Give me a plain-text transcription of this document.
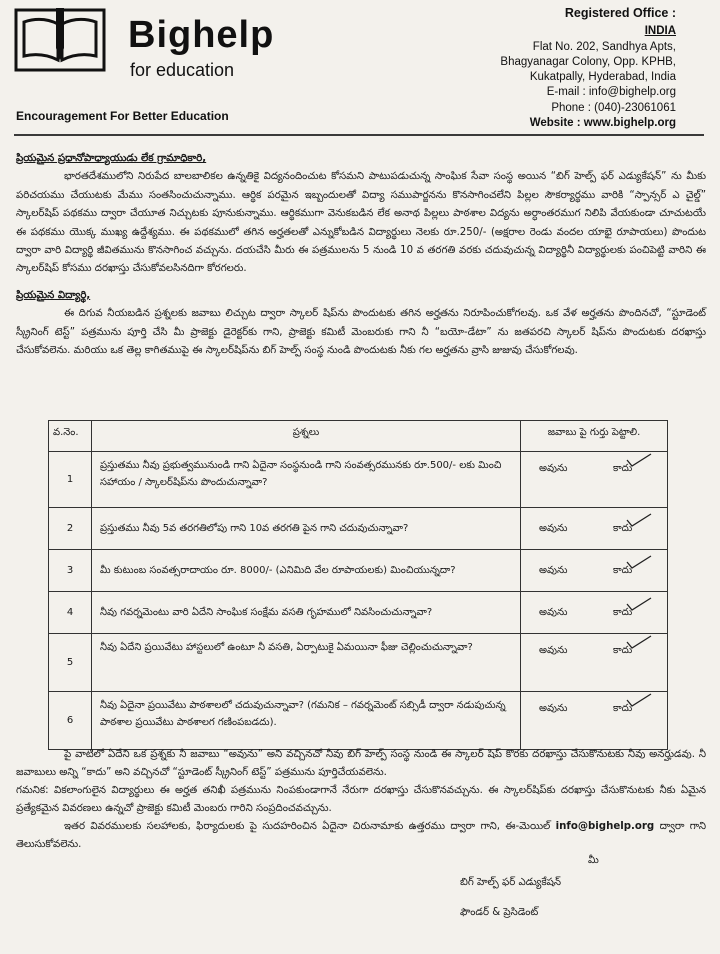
Bighelp
for education
Encouragement For Better Education
Registered Office :
INDIA
Flat No. 202, Sandhya Apts,
Bhagyanagar Colony, Opp. KPHB,
Kukatpally, Hyderabad, India
E-mail : info@bighelp.org
Phone : (040)-23061061
Website : www.bighelp.org

ప్రియమైన ప్రధానోపాధ్యాయుడు లేక గ్రామాధికారి,

భారతదేశములోని నిరుపేద బాలబాలికల ఉన్నతికై విద్యనందించుట కోసమని పాటుపడుచున్న సాంఘిక సేవా సంస్థ అయిన “బిగ్ హెల్ప్ ఫర్ ఎడ్యుకేషన్” ను మీకు పరిచయము చేయుటకు మేము సంతసించుచున్నాము. ఆర్థిక పరమైన ఇబ్బందులతో విద్యా సముపార్జనను కొనసాగించలేని పిల్లల సౌకర్యార్థము వారికి “స్పాన్సర్ ఎ చైల్డ్” స్కాలర్‌షిప్ పథకము ద్వారా చేయూత నిచ్చుటకు పూనుకున్నాము. ఆర్థికముగా వెనుకబడిన లేక అనాథ పిల్లలు పాఠశాల విద్యను అర్ధాంతరముగ నిలిపి వేయకుండా చూచుటయే ఈ పథకము యొక్క ముఖ్య ఉద్దేశ్యము. ఈ పథకములో తగిన అర్హతలతో ఎన్నుకోబడిన విద్యార్థులు నెలకు రూ.250/- (అక్షరాల రెండు వందల యాభై రూపాయలు) పొందుట ద్వారా వారి విద్యార్థి జీవితమును కొనసాగించ వచ్చును. దయచేసి మీరు ఈ పత్రములను 5 నుండి 10 వ తరగతి వరకు చదువుచున్న విద్యార్థినీ విద్యార్థులకు పంచిపెట్టి వారిని ఈ స్కాలర్‌షిప్ కోసము దరఖాస్తు చేసుకోవలసినదిగా కోరగలరు.

ప్రియమైన విద్యార్థి,

ఈ దిగువ నీయబడిన ప్రశ్నలకు జవాబు లిచ్చుట ద్వారా స్కాలర్ షిప్‌ను పొందుటకు తగిన అర్హతను నిరూపించుకోగలవు. ఒక వేళ అర్హతను పొందినచో, “స్టూడెంట్ స్క్రీనింగ్ టెస్ట్” పత్రమును పూర్తి చేసి మీ ప్రాజెక్టు డైరెక్టర్‌కు గాని, ప్రాజెక్టు కమిటీ మెంబరుకు గాని నీ “బయో-డేటా” ను జతపరచి స్కాలర్ షిప్‌ను పొందుటకు దరఖాస్తు చేసుకోవలెను. మరియు ఒక తెల్ల కాగితముపై ఈ స్కాలర్‌షిప్‌ను బిగ్ హెల్ప్ సంస్థ నుండి పొందుటకు నీకు గల అర్హతను వ్రాసి జుజువు చేసుకోగలవు.

వ.నెం.	ప్రశ్నలు	జవాబు పై గుర్తు పెట్టాలి.
1	ప్రస్తుతము నీవు ప్రభుత్వమునుండి గాని ఏదైనా సంస్థనుండి గాని సంవత్సరమునకు రూ.500/- లకు మించి సహాయం / స్కాలర్‌షిప్‌ను పొందుచున్నావా?	అవును కాదు

2	ప్రస్తుతము నీవు 5వ తరగతిలోపు గాని 10వ తరగతి పైన గాని చదువుచున్నావా?	అవును కాదు

3	మీ కుటుంబ సంవత్సరాదాయం రూ. 8000/- (ఎనిమిది వేల రూపాయలకు) మించియున్నదా?	అవును కాదు

4	నీవు గవర్నమెంటు వారి ఏదేని సాంఘిక సంక్షేమ వసతి గృహములో నివసించుచున్నావా?	అవును కాదు

5	నీవు ఏదేని ప్రయివేటు హాస్టలులో ఉంటూ నీ వసతి, ఏర్పాటుకై ఏమయినా ఫీజు చెల్లించుచున్నావా?	అవును కాదు

6	నీవు ఏదైనా ప్రయివేటు పాఠశాలలో చదువుచున్నావా? (గమనిక – గవర్నమెంట్ సబ్సిడీ ద్వారా నడుపుచున్న పాఠశాల ప్రయివేటు పాఠశాలగ గణింపబడదు).	అవును కాదు

పై వాటిలో ఏదేని ఒక ప్రశ్నకు నీ జవాబు “అవును” అని వచ్చినచో నీవు బిగ్ హెల్ప్ సంస్థ నుండి ఈ స్కాలర్ షిప్ కొరకు దరఖాస్తు చేసుకొనుటకు నీవు అనర్హుడవు. నీ జవాబులు అన్ని “కాదు” అని వచ్చినచో “స్టూడెంట్ స్క్రీనింగ్ టెస్ట్” పత్రమును పూర్తిచేయవలెను.

గమనిక: వికలాంగులైన విద్యార్థులు ఈ అర్హత తనిఖీ పత్రమును నింపకుండాగానే నేరుగా దరఖాస్తు చేసుకొనవచ్చును. ఈ స్కాలర్‌షిప్‌కు దరఖాస్తు చేసుకొనుటకు నీకు ఏమైన ప్రత్యేకమైన వివరణలు ఉన్నచో ప్రాజెక్టు కమిటీ మెంబరు గారిని సంప్రదించవచ్చును.

ఇతర వివరములకు సలహాలకు, ఫిర్యాదులకు పై సుదహరించిన ఏదైనా చిరునామాకు ఉత్తరము ద్వారా గాని, ఈ-మెయిల్ info@bighelp.org ద్వారా గాని తెలుసుకోవలెను.

మీ
బిగ్ హెల్ప్ ఫర్ ఎడ్యుకేషన్
ఫౌండర్ & ప్రెసిడెంట్
